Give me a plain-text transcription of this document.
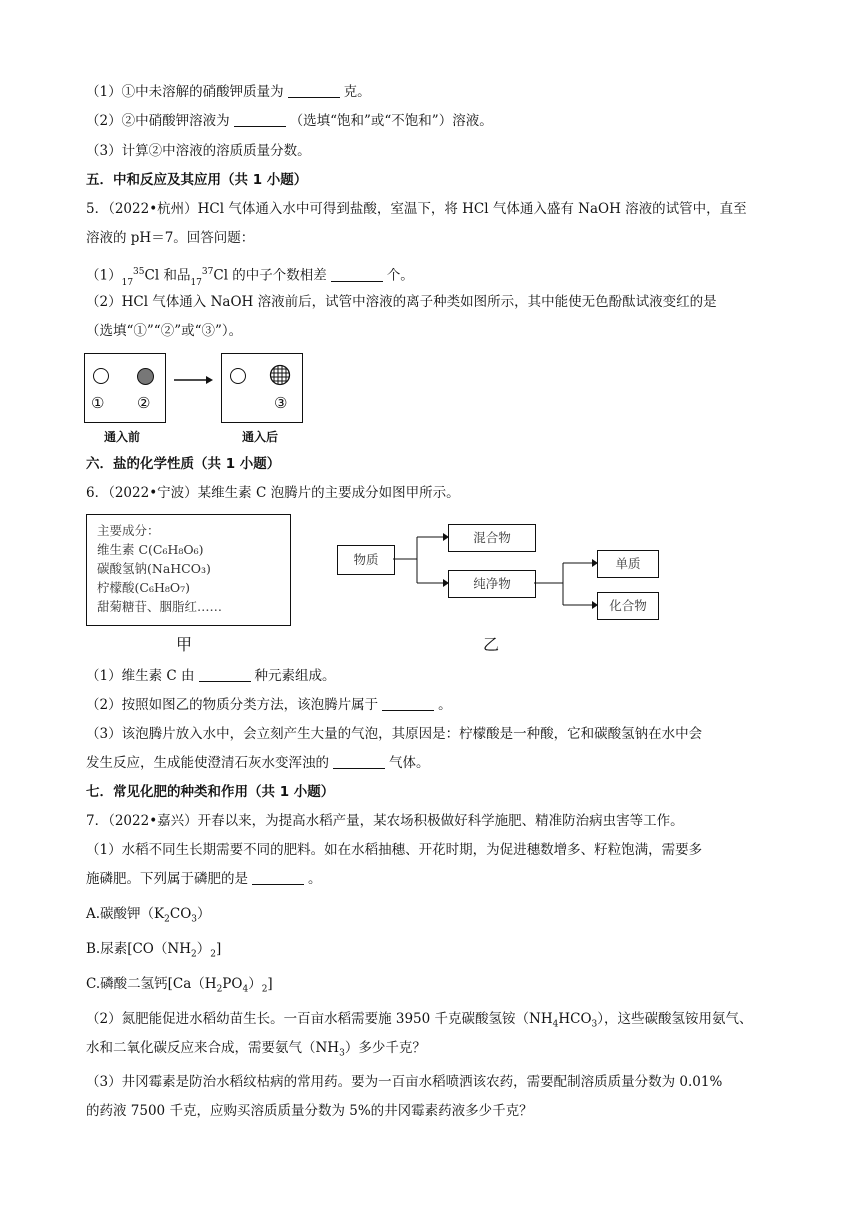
（1）①中未溶解的硝酸钾质量为	克。
（2）②中硝酸钾溶液为	（选填“饱和”或“不饱和”）溶液。
（3）计算②中溶液的溶质质量分数。
五．中和反应及其应用（共 1 小题）
5．（2022•杭州）HCl 气体通入水中可得到盐酸，室温下，将 HCl 气体通入盛有 NaOH 溶液的试管中，直至
溶液的 pH＝7。回答问题：
$(1)_{17}^{35}Cl$ 和品$_{17}^{37}$Cl 的中子个数相差	个。
（2）HCl 气体通入 NaOH 溶液前后，试管中溶液的离子种类如图所示，其中能使无色酚酞试液变红的是
（选填“①”“②”或“③”）。
① ②	③
通入前	通入后
六．盐的化学性质（共 1 小题）
6．（2022•宁波）某维生素 C 泡腾片的主要成分如图甲所示。
主要成分：
维生素 C(C₆H₈O₆)
碳酸氢钠(NaHCO₃)
柠檬酸(C₆H₈O₇)
甜菊糖苷、胭脂红……
甲
物质
混合物
纯净物
单质
化合物
乙
（1）维生素 C 由	种元素组成。
（2）按照如图乙的物质分类方法，该泡腾片属于	。
（3）该泡腾片放入水中，会立刻产生大量的气泡，其原因是：柠檬酸是一种酸，它和碳酸氢钠在水中会
发生反应，生成能使澄清石灰水变浑浊的	气体。
七．常见化肥的种类和作用（共 1 小题）
7．（2022•嘉兴）开春以来，为提高水稻产量，某农场积极做好科学施肥、精准防治病虫害等工作。
（1）水稻不同生长期需要不同的肥料。如在水稻抽穗、开花时期，为促进穗数增多、籽粒饱满，需要多
施磷肥。下列属于磷肥的是	。
A.碳酸钾$(K_2CO_3)$
B.尿素$[CO(NH_2)_2]$
C.磷酸二氢钙$[Ca(H_2PO_4)_2]$
（2）氮肥能促进水稻幼苗生长。一百亩水稻需要施 3950 千克碳酸氢铵$(NH_4HCO_3)$，这些碳酸氢铵用氨气、
水和二氧化碳反应来合成，需要氨气$(NH_3)$多少千克？
（3）井冈霉素是防治水稻纹枯病的常用药。要为一百亩水稻喷洒该农药，需要配制溶质质量分数为 0.01%
的药液 7500 千克，应购买溶质质量分数为 5%的井冈霉素药液多少千克？
